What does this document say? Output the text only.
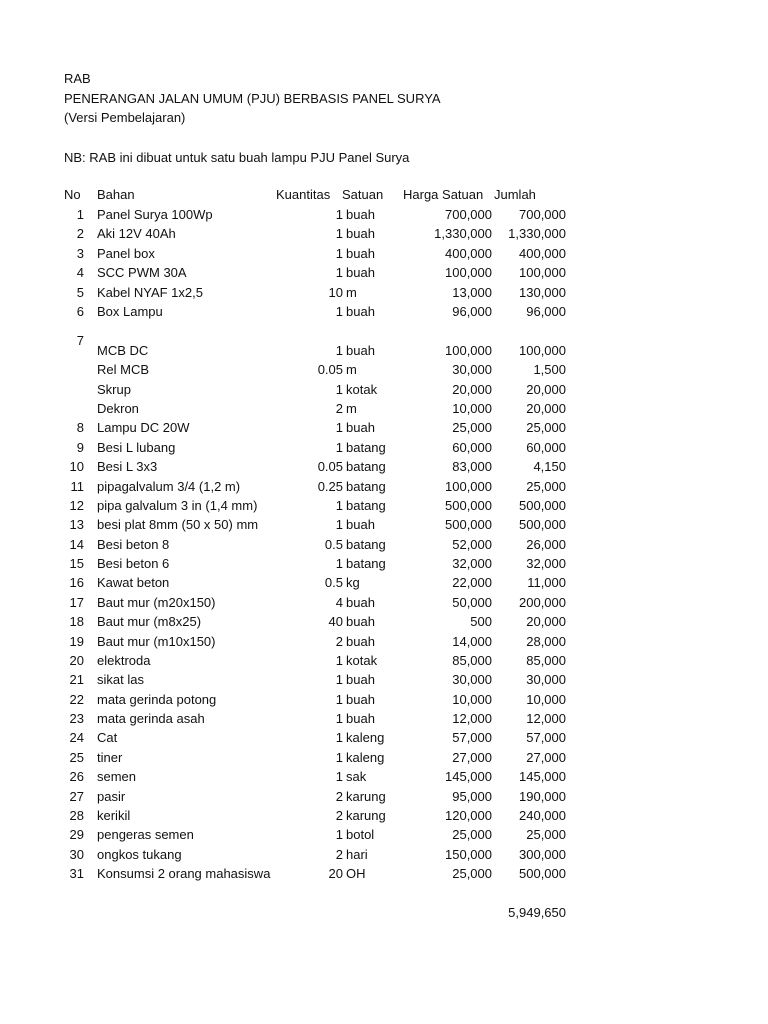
RAB
PENERANGAN JALAN UMUM (PJU) BERBASIS PANEL SURYA
(Versi Pembelajaran)
NB: RAB ini dibuat untuk satu buah lampu PJU Panel Surya
No Bahan	Kuantitas Satuan Harga Satuan Jumlah
1 Panel Surya 100Wp	1 buah	700,000	700,000
2 Aki 12V 40Ah	1 buah	1,330,000	1,330,000
3 Panel box	1 buah	400,000	400,000
4 SCC PWM 30A	1 buah	100,000	100,000
5 Kabel NYAF 1x2,5	10 m	13,000	130,000
6 Box Lampu	1 buah	96,000	96,000
7
MCB DC	1 buah	100,000	100,000
Rel MCB	0.05 m	30,000	1,500
Skrup	1 kotak	20,000	20,000
Dekron	2 m	10,000	20,000
8 Lampu DC 20W	1 buah	25,000	25,000
9 Besi L lubang	1 batang	60,000	60,000
10 Besi L 3x3	0.05 batang	83,000	4,150
11 pipagalvalum 3/4 (1,2 m)	0.25 batang	100,000	25,000
12 pipa galvalum 3 in (1,4 mm)	1 batang	500,000	500,000
13 besi plat 8mm (50 x 50) mm	1 buah	500,000	500,000
14 Besi beton 8	0.5 batang	52,000	26,000
15 Besi beton 6	1 batang	32,000	32,000
16 Kawat beton	0.5 kg	22,000	11,000
17 Baut mur (m20x150)	4 buah	50,000	200,000
18 Baut mur (m8x25)	40 buah	500	20,000
19 Baut mur (m10x150)	2 buah	14,000	28,000
20 elektroda	1 kotak	85,000	85,000
21 sikat las	1 buah	30,000	30,000
22 mata gerinda potong	1 buah	10,000	10,000
23 mata gerinda asah	1 buah	12,000	12,000
24 Cat	1 kaleng	57,000	57,000
25 tiner	1 kaleng	27,000	27,000
26 semen	1 sak	145,000	145,000
27 pasir	2 karung	95,000	190,000
28 kerikil	2 karung	120,000	240,000
29 pengeras semen	1 botol	25,000	25,000
30 ongkos tukang	2 hari	150,000	300,000
31 Konsumsi 2 orang mahasiswa	20 OH	25,000	500,000
5,949,650
